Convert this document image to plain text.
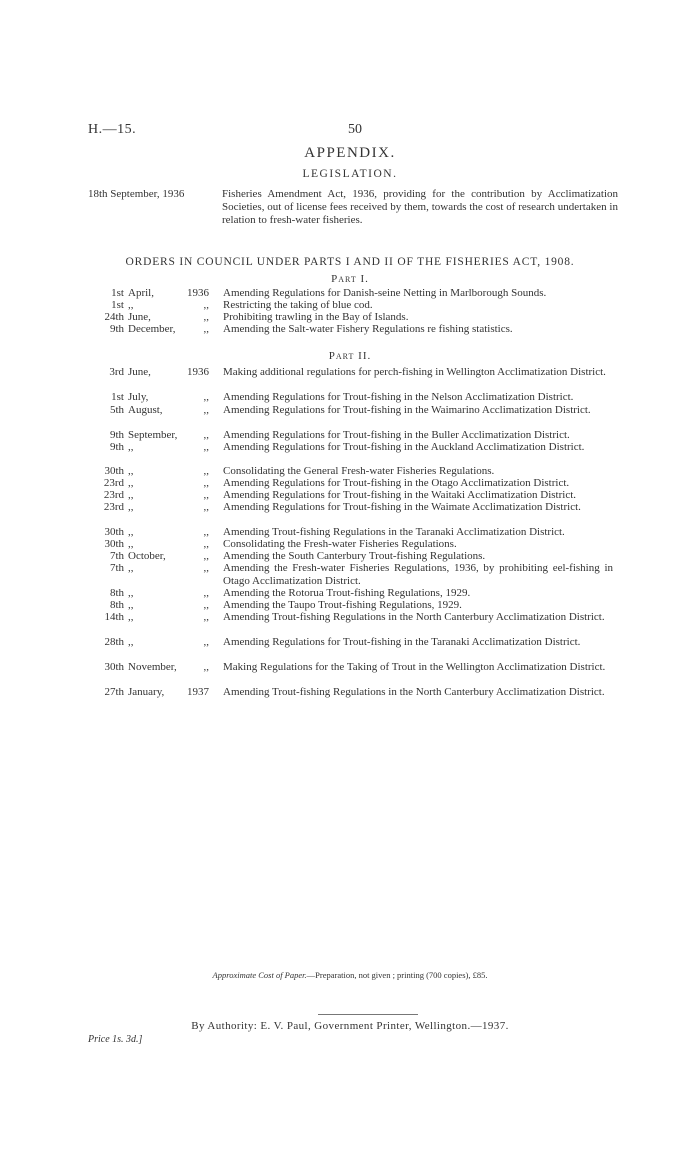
H.—15.	50
APPENDIX.
LEGISLATION.
18th September, 1936	Fisheries Amendment Act, 1936, providing for the contribution by Acclimatization Societies, out of license fees received by them, towards the cost of research undertaken in relation to fresh-water fisheries.
ORDERS IN COUNCIL UNDER PARTS I AND II OF THE FISHERIES ACT, 1908.
Part I.
1st April,	1936 Amending Regulations for Danish-seine Netting in Marlborough Sounds.
1st ,,	,, Restricting the taking of blue cod.
24th June,	,, Prohibiting trawling in the Bay of Islands.
9th December,	,, Amending the Salt-water Fishery Regulations re fishing statistics.
Part II.
3rd June,	1936 Making additional regulations for perch-fishing in Wellington Acclimatization District.
1st July,	,, Amending Regulations for Trout-fishing in the Nelson Acclimatization District.
5th August,	,, Amending Regulations for Trout-fishing in the Waimarino Acclimatization District.
9th September,	,, Amending Regulations for Trout-fishing in the Buller Acclimatization District.
9th ,,	,, Amending Regulations for Trout-fishing in the Auckland Acclimatization District.
30th ,,	,, Consolidating the General Fresh-water Fisheries Regulations.
23rd ,,	,, Amending Regulations for Trout-fishing in the Otago Acclimatization District.
23rd ,,	,, Amending Regulations for Trout-fishing in the Waitaki Acclimatization District.
23rd ,,	,, Amending Regulations for Trout-fishing in the Waimate Acclimatization District.
30th ,,	,, Amending Trout-fishing Regulations in the Taranaki Acclimatization District.
30th ,,	,, Consolidating the Fresh-water Fisheries Regulations.
7th October,	,, Amending the South Canterbury Trout-fishing Regulations.
7th ,,	,, Amending the Fresh-water Fisheries Regulations, 1936, by prohibiting eel-fishing in Otago Acclimatization District.
8th ,,	,, Amending the Rotorua Trout-fishing Regulations, 1929.
8th ,,	,, Amending the Taupo Trout-fishing Regulations, 1929.
14th ,,	,, Amending Trout-fishing Regulations in the North Canterbury Acclimatization District.
28th ,,	,, Amending Regulations for Trout-fishing in the Taranaki Acclimatization District.
30th November,	,, Making Regulations for the Taking of Trout in the Wellington Acclimatization District.
27th January,	1937 Amending Trout-fishing Regulations in the North Canterbury Acclimatization District.
Approximate Cost of Paper.—Preparation, not given ; printing (700 copies), £85.
By Authority: E. V. Paul, Government Printer, Wellington.—1937.
Price 1s. 3d.]
